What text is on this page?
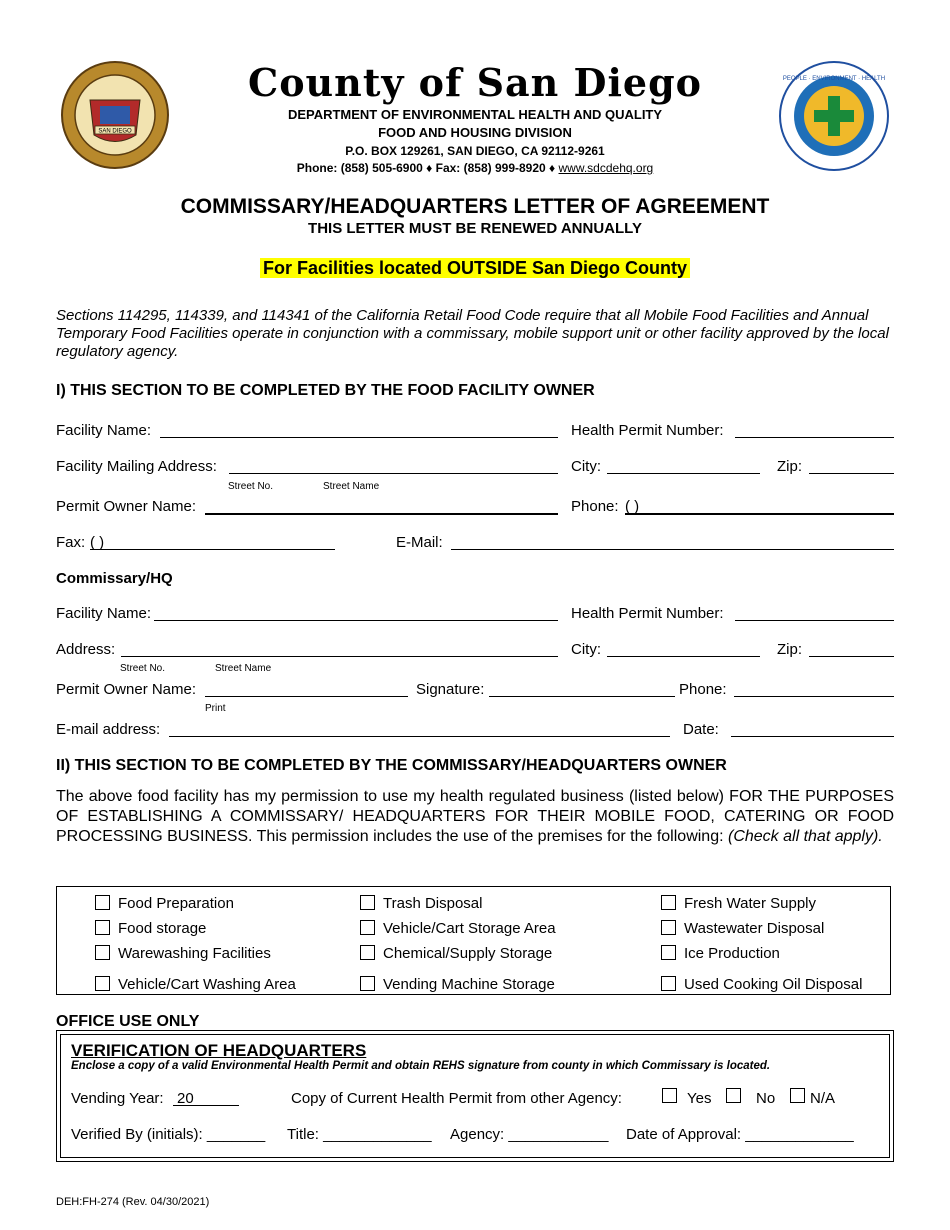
SAN DIEGO
County of San Diego
DEPARTMENT OF ENVIRONMENTAL HEALTH AND QUALITY
FOOD AND HOUSING DIVISION
P.O. BOX 129261, SAN DIEGO, CA 92112-9261
Phone: (858) 505-6900 ♦ Fax: (858) 999-8920 ♦ www.sdcdehq.org
PEOPLE · ENVIRONMENT · HEALTH
COMMISSARY/HEADQUARTERS LETTER OF AGREEMENT
THIS LETTER MUST BE RENEWED ANNUALLY
For Facilities located OUTSIDE San Diego County
Sections 114295, 114339, and 114341 of the California Retail Food Code require that all Mobile Food Facilities and Annual Temporary Food Facilities operate in conjunction with a commissary, mobile support unit or other facility approved by the local regulatory agency.
I) THIS SECTION TO BE COMPLETED BY THE FOOD FACILITY OWNER
Facility Name:	Health Permit Number:
Facility Mailing Address:	City:	Zip:
Street No.	Street Name
Permit Owner Name:	Phone: ( )
Fax: ( )	E-Mail:
Commissary/HQ
Facility Name:	Health Permit Number:
Address:	City:	Zip:
Street No.	Street Name
Permit Owner Name:	Signature:	Phone:
Print
E-mail address:	Date:
II) THIS SECTION TO BE COMPLETED BY THE COMMISSARY/HEADQUARTERS OWNER
The above food facility has my permission to use my health regulated business (listed below) FOR THE PURPOSES OF ESTABLISHING A COMMISSARY/ HEADQUARTERS FOR THEIR MOBILE FOOD, CATERING OR FOOD PROCESSING BUSINESS. This permission includes the use of the premises for the following: (Check all that apply).
Food Preparation
Food storage
Warewashing Facilities
Vehicle/Cart Washing Area
Trash Disposal
Vehicle/Cart Storage Area
Chemical/Supply Storage
Vending Machine Storage
Fresh Water Supply
Wastewater Disposal
Ice Production
Used Cooking Oil Disposal
OFFICE USE ONLY
VERIFICATION OF HEADQUARTERS
Enclose a copy of a valid Environmental Health Permit and obtain REHS signature from county in which Commissary is located.
Vending Year: 20	Copy of Current Health Permit from other Agency:	Yes	No N/A
Verified By (initials): _______ Title: _____________ Agency: ____________ Date of Approval: _____________
DEH:FH-274 (Rev. 04/30/2021)
